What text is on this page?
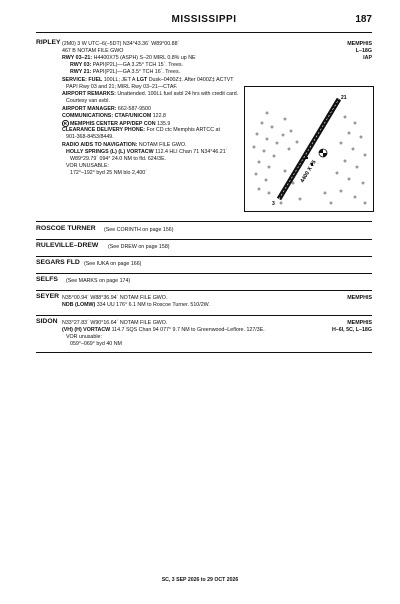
MISSISSIPPI	187
RIPLEY (2M0) 3 W UTC–6(–5DT) N34°43.36´ W89°00.88´
467 B NOTAM FILE GWO
RWY 03–21: H4400X75 (ASPH) S–20 MIRL 0.8% up NE
RWY 03: PAPI(P2L)—GA 3.25° TCH 15´. Trees.
RWY 21: PAPI(P2L)—GA 3.5° TCH 16´. Trees.
SERVICE: FUEL 100LL; JET A LGT Dusk–0400Z‡. After 0400Z‡ ACTVT
PAPI Rwy 03 and 21; MIRL Rwy 03–21—CTAF.
AIRPORT REMARKS: Unattended. 100LL fuel avbl 24 hrs with credit card.
Courtesy van avbl.
AIRPORT MANAGER: 662-587-9500
COMMUNICATIONS: CTAF/UNICOM 122.8
R MEMPHIS CENTER APP/DEP CON 135.9
CLEARANCE DELIVERY PHONE: For CD ctc Memphis ARTCC at
901-368-8453/8449.
RADIO AIDS TO NAVIGATION: NOTAM FILE GWO.
HOLLY SPRINGS (L) (L) VORTACW 112.4 HLI Chan 71 N34°46.21´
W89°29.79´ 094° 24.0 NM to fld. 624/3E.
VOR UNUSABLE:
172°–192° byd 25 NM blo 2,400´
MEMPHIS
L–18G
IAP
21
3
4400 X 75
ROSCOE TURNER (See CORINTH on page 156)
RULEVILLE–DREW (See DREW on page 158)
SEGARS FLD (See IUKA on page 166)
SELFS (See MARKS on page 174)
SEYER N35°00.94´ W88°36.94´ NOTAM FILE GWO.
NDB (LOMW) 334 UU 176° 6.1 NM to Roscoe Turner. 510/2W.
MEMPHIS
SIDON N33°27.83´ W90°16.64´ NOTAM FILE GWO.
(VH) (H) VORTACW 114.7 SQS Chan 94 077° 9.7 NM to Greenwood–Leflore. 127/3E.
VOR unusable:
059°–069° byd 40 NM
MEMPHIS
H–6I, 5C, L–18G
SC, 3 SEP 2026 to 29 OCT 2026
